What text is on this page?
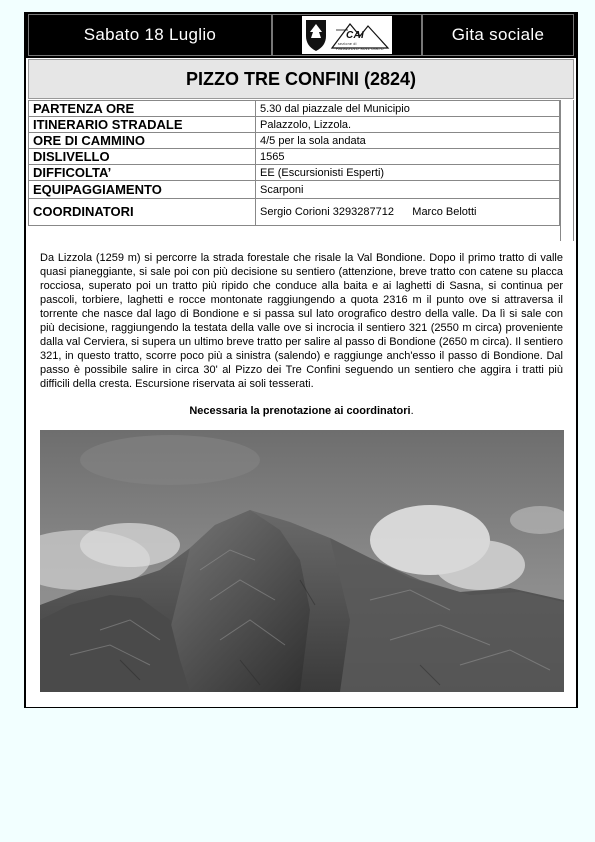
Sabato 18 Luglio	CAI
sezione di
PALAZZOLO SULL'OGLIO
Gita sociale
PIZZO TRE CONFINI (2824)
PARTENZA ORE	5.30 dal piazzale del Municipio
ITINERARIO STRADALE	Palazzolo, Lizzola.
ORE DI CAMMINO	4/5 per la sola andata
DISLIVELLO	1565
DIFFICOLTA’	EE (Escursionisti Esperti)
EQUIPAGGIAMENTO	Scarponi
COORDINATORI	Sergio Corioni 3293287712 Marco Belotti

Da Lizzola (1259 m) si percorre la strada forestale che risale la Val Bondione. Dopo il primo tratto di valle quasi pianeggiante, si sale poi con più decisione su sentiero (attenzione, breve tratto con catene su placca rocciosa, superato poi un tratto più ripido che conduce alla baita e ai laghetti di Sasna, si continua per pascoli, torbiere, laghetti e rocce montonate raggiungendo a quota 2316 m il punto ove si attraversa il torrente che nasce dal lago di Bondione e si passa sul lato orografico destro della valle. Da lì si sale con più decisione, raggiungendo la testata della valle ove si incrocia il sentiero 321 (2550 m circa) proveniente dalla val Cerviera, si supera un ultimo breve tratto per salire al passo di Bondione (2650 m circa). Il sentiero 321, in questo tratto, scorre poco più a sinistra (salendo) e raggiunge anch'esso il passo di Bondione. Dal passo è possibile salire in circa 30' al Pizzo dei Tre Confini seguendo un sentiero che aggira i tratti più difficili della cresta. Escursione riservata ai soli tesserati.

Necessaria la prenotazione ai coordinatori.
